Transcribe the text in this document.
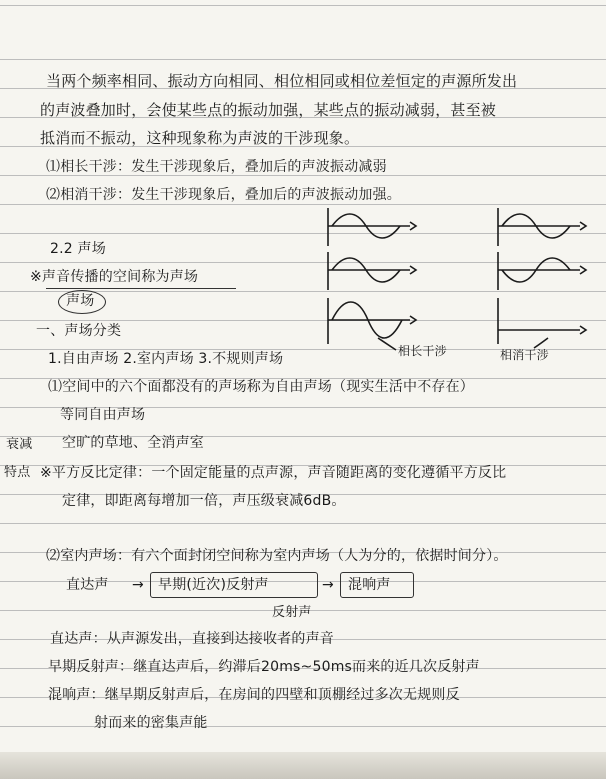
当两个频率相同、振动方向相同、相位相同或相位差恒定的声源所发出
的声波叠加时，会使某些点的振动加强，某些点的振动减弱，甚至被
抵消而不振动，这种现象称为声波的干涉现象。
⑴相长干涉：发生干涉现象后，叠加后的声波振动减弱
⑵相消干涉：发生干涉现象后，叠加后的声波振动加强。
2.2 声场
※声音传播的空间称为声场
声场
一、声场分类
1.自由声场 2.室内声场 3.不规则声场
⑴空间中的六个面都没有的声场称为自由声场（现实生活中不存在）
等同自由声场
空旷的草地、全消声室
衰减
特点 ※平方反比定律：一个固定能量的点声源，声音随距离的变化遵循平方反比
定律，即距离每增加一倍，声压级衰减6dB。
⑵室内声场：有六个面封闭空间称为室内声场（人为分的，依据时间分）。
直达声 → 早期(近次)反射声	→ 混响声
反射声
直达声：从声源发出，直接到达接收者的声音
早期反射声：继直达声后，约滞后20ms~50ms而来的近几次反射声
混响声：继早期反射声后，在房间的四壁和顶棚经过多次无规则反
射而来的密集声能
相长干涉	相消干涉
